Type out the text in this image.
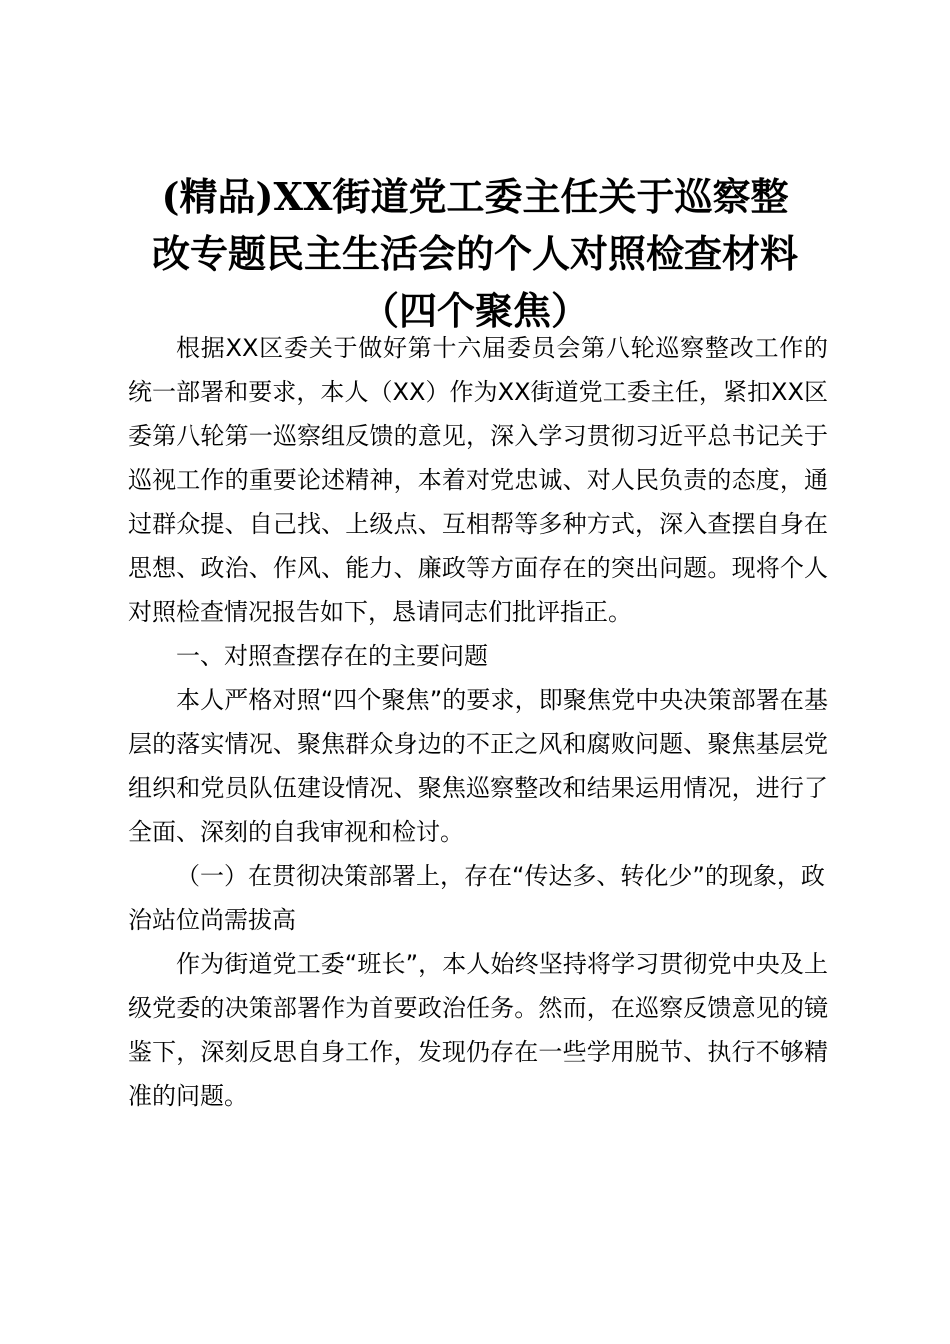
(精品)XX街道党工委主任关于巡察整
改专题民主生活会的个人对照检查材料
（四个聚焦）

根据XX区委关于做好第十六届委员会第八轮巡察整改工作的统一部署和要求，本人（XX）作为XX街道党工委主任，紧扣XX区委第八轮第一巡察组反馈的意见，深入学习贯彻习近平总书记关于巡视工作的重要论述精神，本着对党忠诚、对人民负责的态度，通过群众提、自己找、上级点、互相帮等多种方式，深入查摆自身在思想、政治、作风、能力、廉政等方面存在的突出问题。现将个人对照检查情况报告如下，恳请同志们批评指正。

一、对照查摆存在的主要问题

本人严格对照“四个聚焦”的要求，即聚焦党中央决策部署在基层的落实情况、聚焦群众身边的不正之风和腐败问题、聚焦基层党组织和党员队伍建设情况、聚焦巡察整改和结果运用情况，进行了全面、深刻的自我审视和检讨。

（一）在贯彻决策部署上，存在“传达多、转化少”的现象，政治站位尚需拔高

作为街道党工委“班长”，本人始终坚持将学习贯彻党中央及上级党委的决策部署作为首要政治任务。然而，在巡察反馈意见的镜鉴下，深刻反思自身工作，发现仍存在一些学用脱节、执行不够精准的问题。
